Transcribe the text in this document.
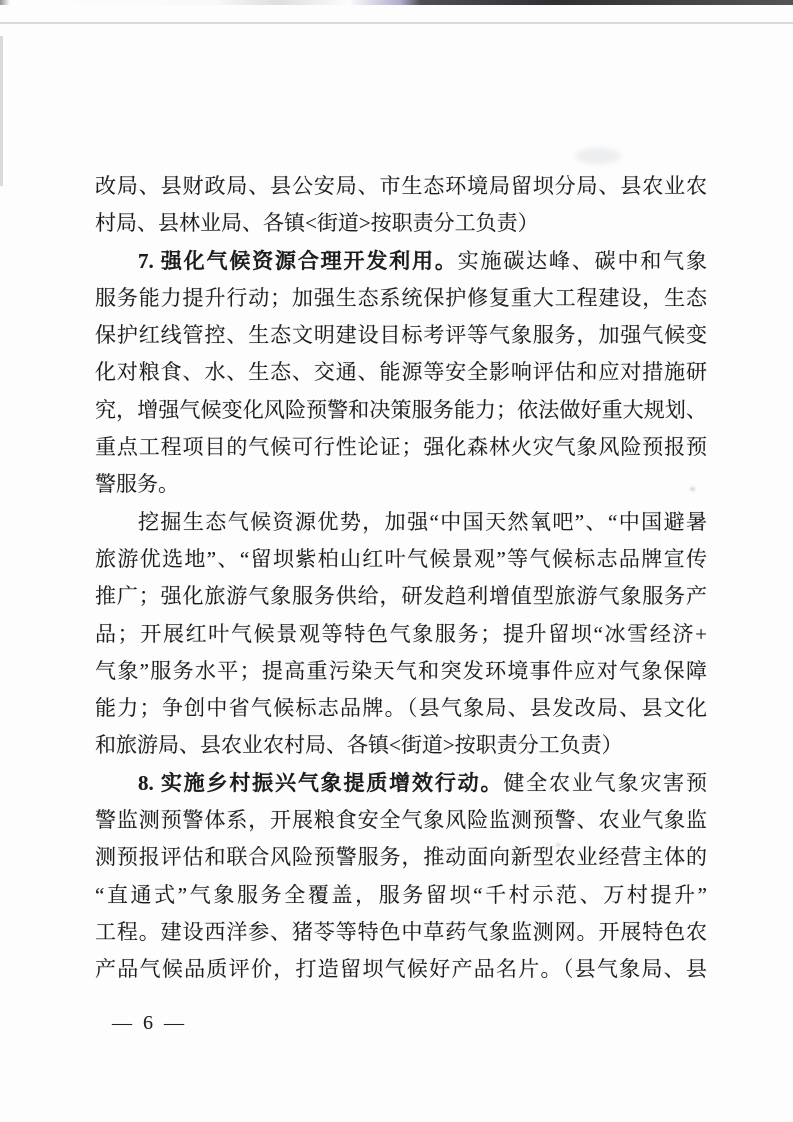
改局、县财政局、县公安局、市生态环境局留坝分局、县农业农
村局、县林业局、各镇<街道>按职责分工负责）
7. 强化气候资源合理开发利用。实施碳达峰、碳中和气象
服务能力提升行动；加强生态系统保护修复重大工程建设，生态
保护红线管控、生态文明建设目标考评等气象服务，加强气候变
化对粮食、水、生态、交通、能源等安全影响评估和应对措施研
究，增强气候变化风险预警和决策服务能力；依法做好重大规划、
重点工程项目的气候可行性论证；强化森林火灾气象风险预报预
警服务。
挖掘生态气候资源优势，加强“中国天然氧吧”、“中国避暑
旅游优选地”、“留坝紫柏山红叶气候景观”等气候标志品牌宣传
推广；强化旅游气象服务供给，研发趋利增值型旅游气象服务产
品；开展红叶气候景观等特色气象服务；提升留坝“冰雪经济+
气象”服务水平；提高重污染天气和突发环境事件应对气象保障
能力；争创中省气候标志品牌。（县气象局、县发改局、县文化
和旅游局、县农业农村局、各镇<街道>按职责分工负责）
8. 实施乡村振兴气象提质增效行动。健全农业气象灾害预
警监测预警体系，开展粮食安全气象风险监测预警、农业气象监
测预报评估和联合风险预警服务，推动面向新型农业经营主体的
“直通式”气象服务全覆盖，服务留坝“千村示范、万村提升”
工程。建设西洋参、猪苓等特色中草药气象监测网。开展特色农
产品气候品质评价，打造留坝气候好产品名片。（县气象局、县
— 6 —
